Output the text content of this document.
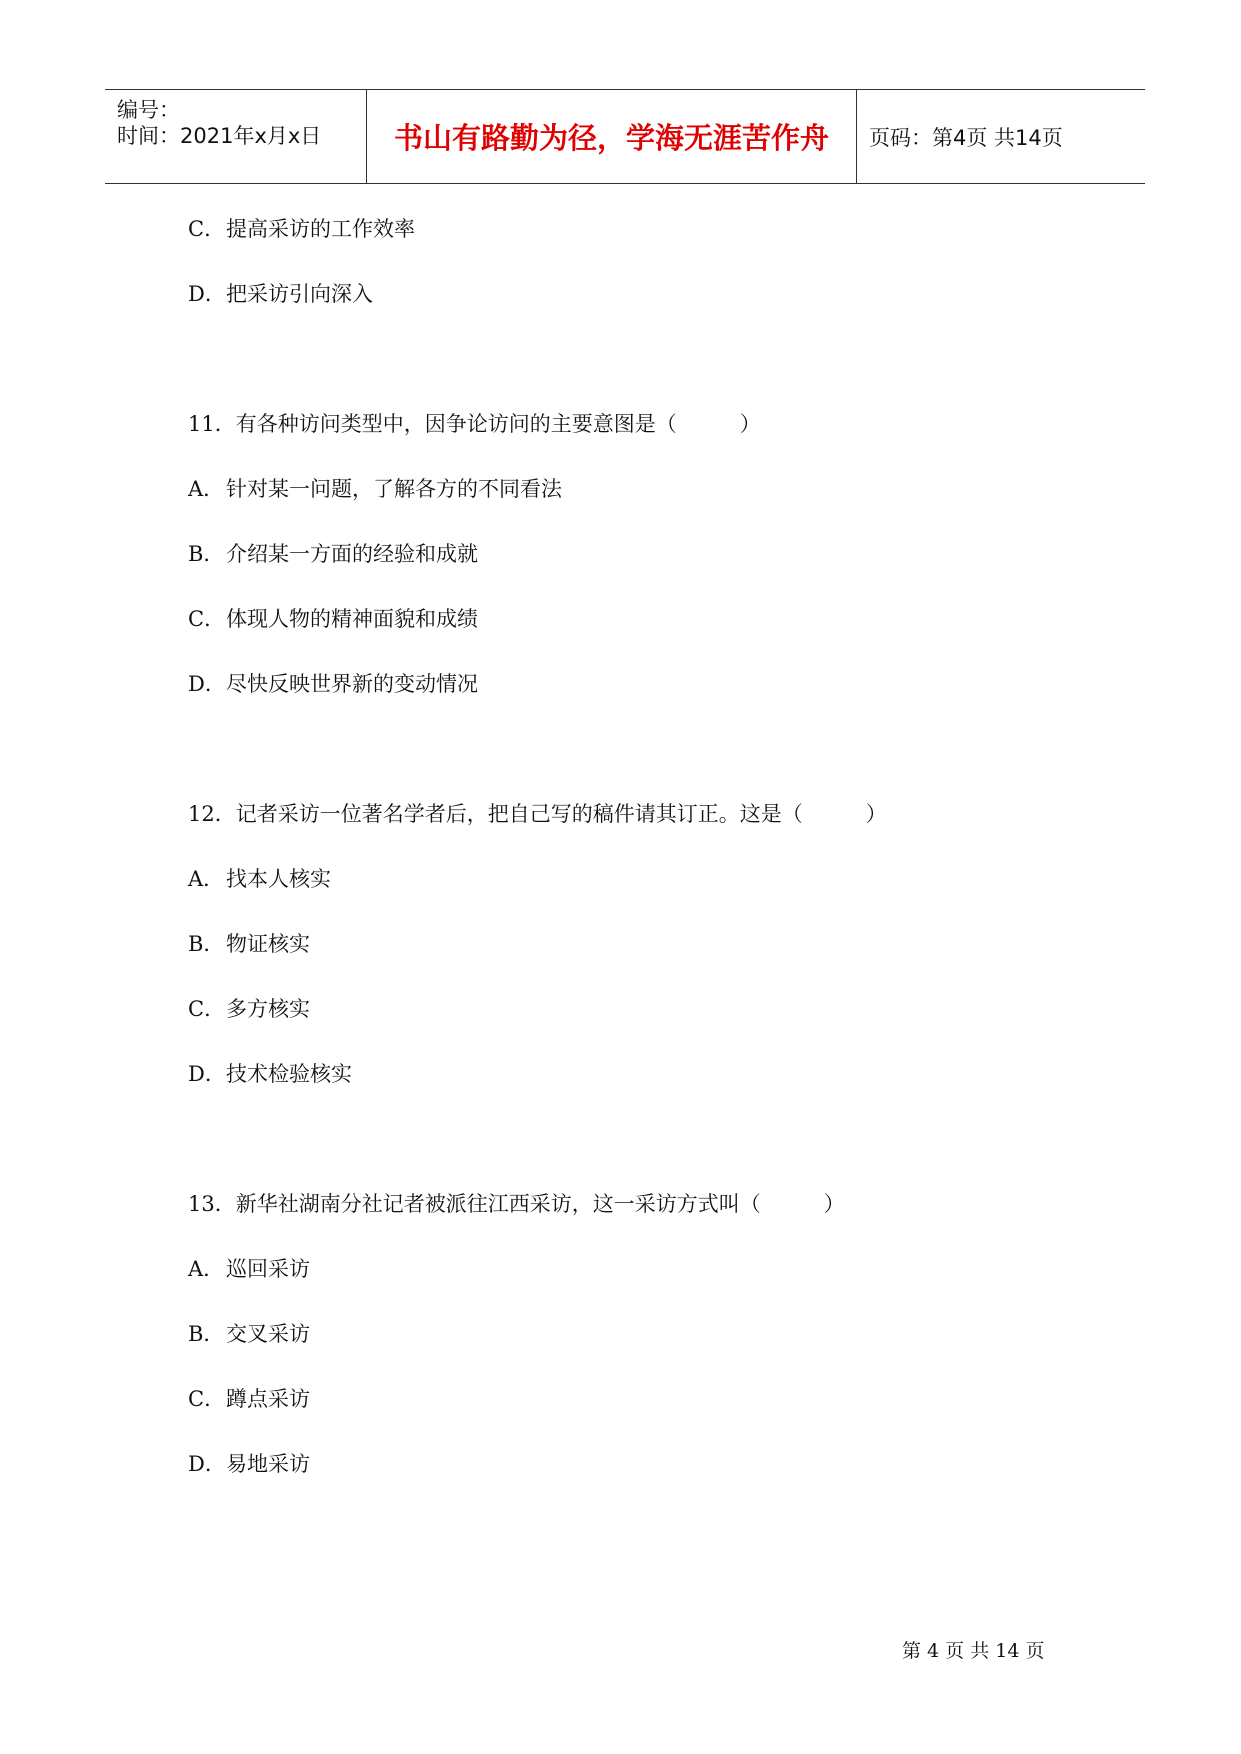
编号：
时间：2021年x月x日	书山有路勤为径，学海无涯苦作舟 页码：第4页 共14页
C．提高采访的工作效率
D．把采访引向深入
11．有各种访问类型中，因争论访问的主要意图是（　　　）
A．针对某一问题，了解各方的不同看法
B．介绍某一方面的经验和成就
C．体现人物的精神面貌和成绩
D．尽快反映世界新的变动情况
12．记者采访一位著名学者后，把自己写的稿件请其订正。这是（　　　）
A．找本人核实
B．物证核实
C．多方核实
D．技术检验核实
13．新华社湖南分社记者被派往江西采访，这一采访方式叫（　　　）
A．巡回采访
B．交叉采访
C．蹲点采访
D．易地采访
第 4 页 共 14 页
